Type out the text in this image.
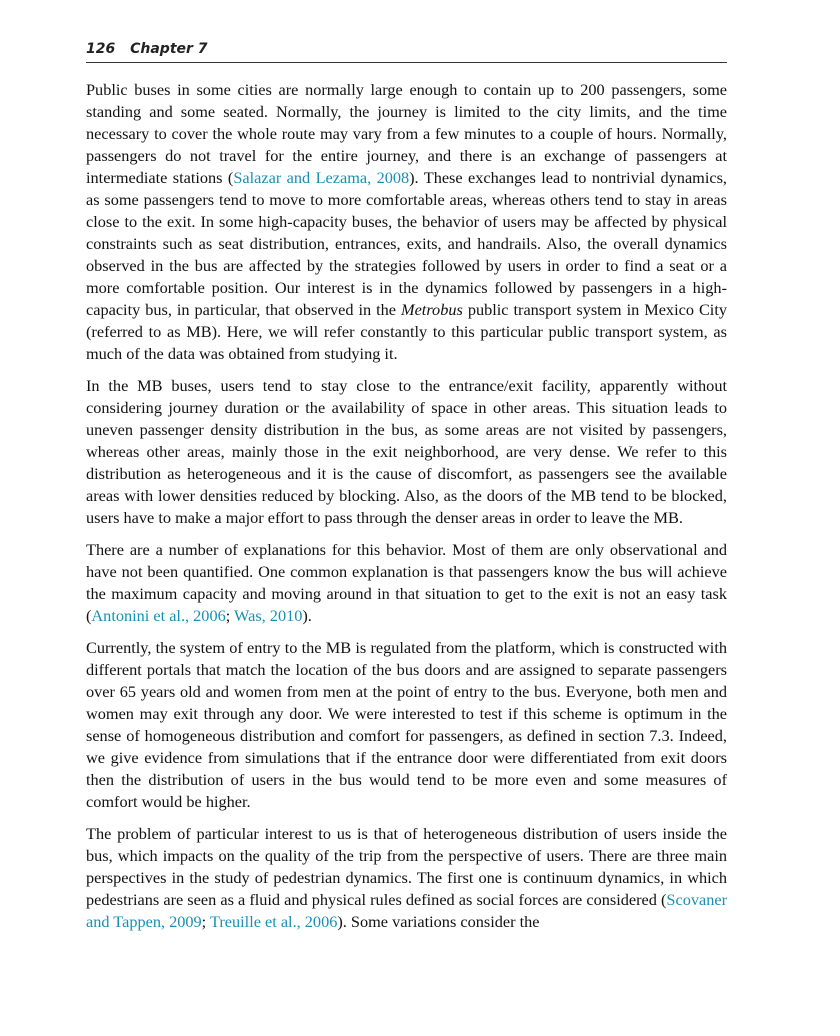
126 Chapter 7

Public buses in some cities are normally large enough to contain up to 200 passengers, some standing and some seated. Normally, the journey is limited to the city limits, and the time necessary to cover the whole route may vary from a few minutes to a couple of hours. Normally, passengers do not travel for the entire journey, and there is an exchange of passengers at intermediate stations (Salazar and Lezama, 2008). These exchanges lead to nontrivial dynamics, as some passengers tend to move to more comfortable areas, whereas others tend to stay in areas close to the exit. In some high-capacity buses, the behavior of users may be affected by physical constraints such as seat distribution, entrances, exits, and handrails. Also, the overall dynamics observed in the bus are affected by the strategies followed by users in order to find a seat or a more comfortable position. Our interest is in the dynamics followed by passengers in a high-capacity bus, in particular, that observed in the Metrobus public transport system in Mexico City (referred to as MB). Here, we will refer constantly to this particular public transport system, as much of the data was obtained from studying it.

In the MB buses, users tend to stay close to the entrance/exit facility, apparently without considering journey duration or the availability of space in other areas. This situation leads to uneven passenger density distribution in the bus, as some areas are not visited by passengers, whereas other areas, mainly those in the exit neighborhood, are very dense. We refer to this distribution as heterogeneous and it is the cause of discomfort, as passengers see the available areas with lower densities reduced by blocking. Also, as the doors of the MB tend to be blocked, users have to make a major effort to pass through the denser areas in order to leave the MB.

There are a number of explanations for this behavior. Most of them are only observational and have not been quantified. One common explanation is that passengers know the bus will achieve the maximum capacity and moving around in that situation to get to the exit is not an easy task (Antonini et al., 2006; Was, 2010).

Currently, the system of entry to the MB is regulated from the platform, which is constructed with different portals that match the location of the bus doors and are assigned to separate passengers over 65 years old and women from men at the point of entry to the bus. Everyone, both men and women may exit through any door. We were interested to test if this scheme is optimum in the sense of homogeneous distribution and comfort for passengers, as defined in section 7.3. Indeed, we give evidence from simulations that if the entrance door were differentiated from exit doors then the distribution of users in the bus would tend to be more even and some measures of comfort would be higher.

The problem of particular interest to us is that of heterogeneous distribution of users inside the bus, which impacts on the quality of the trip from the perspective of users. There are three main perspectives in the study of pedestrian dynamics. The first one is continuum dynamics, in which pedestrians are seen as a fluid and physical rules defined as social forces are considered (Scovaner and Tappen, 2009; Treuille et al., 2006). Some variations consider the
